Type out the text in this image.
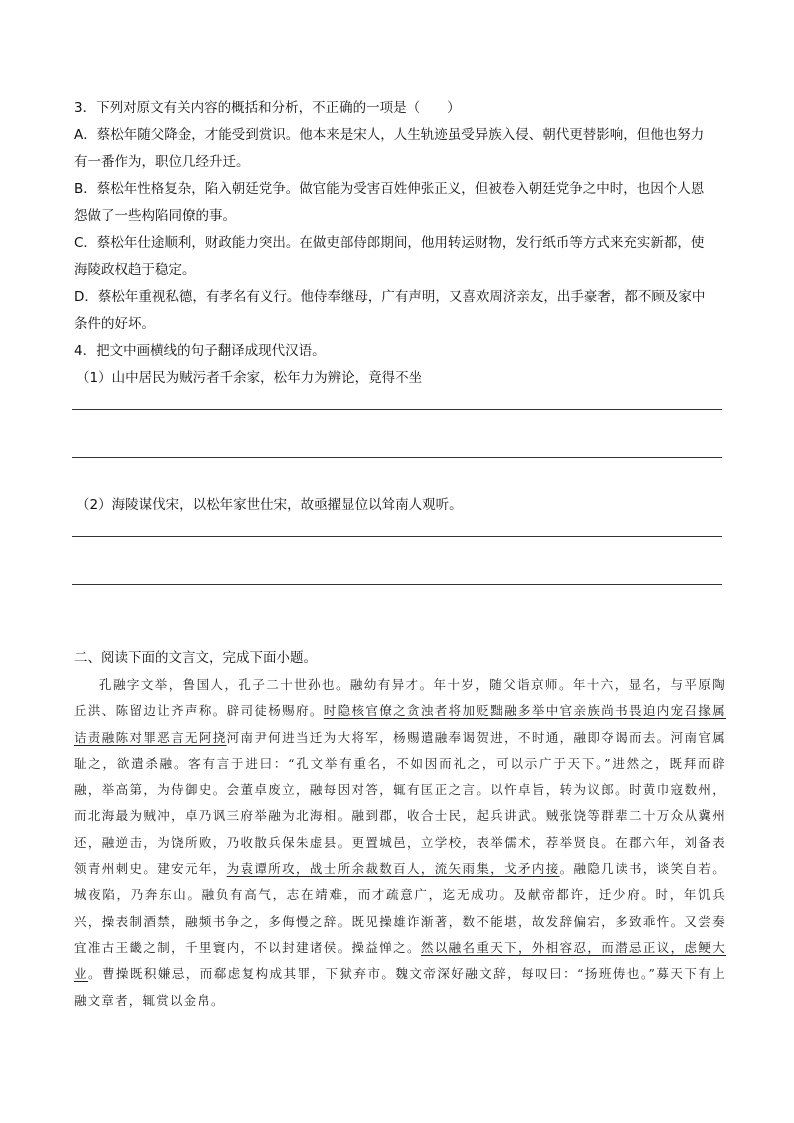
3．下列对原文有关内容的概括和分析，不正确的一项是（　　）

A．蔡松年随父降金，才能受到赏识。他本来是宋人，人生轨迹虽受异族入侵、朝代更替影响，但他也努力

有一番作为，职位几经升迁。

B．蔡松年性格复杂，陷入朝廷党争。做官能为受害百姓伸张正义，但被卷入朝廷党争之中时，也因个人恩

怨做了一些构陷同僚的事。

C．蔡松年仕途顺利，财政能力突出。在做吏部侍郎期间，他用转运财物，发行纸币等方式来充实新都，使

海陵政权趋于稳定。

D．蔡松年重视私德，有孝名有义行。他侍奉继母，广有声明，又喜欢周济亲友，出手豪奢，都不顾及家中

条件的好坏。

4．把文中画横线的句子翻译成现代汉语。

（1）山中居民为贼污者千余家，松年力为辨论，竟得不坐

（2）海陵谋伐宋，以松年家世仕宋，故亟擢显位以耸南人观听。

二、阅读下面的文言文，完成下面小题。

孔融字文举，鲁国人，孔子二十世孙也。融幼有异才。年十岁，随父诣京师。年十六，显名，与平原陶丘洪、陈留边让齐声称。辟司徒杨赐府。时隐核官僚之贪浊者将加贬黜融多举中官亲族尚书畏迫内宠召掾属诘责融陈对罪恶言无阿挠河南尹何进当迁为大将军，杨赐遣融奉谒贺进，不时通，融即夺谒而去。河南官属耻之，欲遣杀融。客有言于进曰：“孔文举有重名，不如因而礼之，可以示广于天下。”进然之，既拜而辟融，举高第，为侍御史。会董卓废立，融每因对答，辄有匡正之言。以忤卓旨，转为议郎。时黄巾寇数州，而北海最为贼冲，卓乃讽三府举融为北海相。融到郡，收合士民，起兵讲武。贼张饶等群辈二十万众从冀州还，融逆击，为饶所败，乃收散兵保朱虚县。更置城邑，立学校，表举儒术，荐举贤良。在郡六年，刘备表领青州刺史。建安元年，为袁谭所攻，战士所余裁数百人，流矢雨集，戈矛内接。融隐几读书，谈笑自若。城夜陷，乃奔东山。融负有高气，志在靖难，而才疏意广，迄无成功。及献帝都许，迁少府。时，年饥兵兴，操表制酒禁，融频书争之，多侮慢之辞。既见操雄诈渐著，数不能堪，故发辞偏宕，多致乖忤。又尝奏宜准古王畿之制，千里寰内，不以封建诸侯。操益惮之。然以融名重天下，外相容忍，而潜忌正议，虑鲠大业。曹操既积嫌忌，而郗虑复构成其罪，下狱弃市。魏文帝深好融文辞，每叹曰：“扬班俦也。”募天下有上融文章者，辄赏以金帛。
